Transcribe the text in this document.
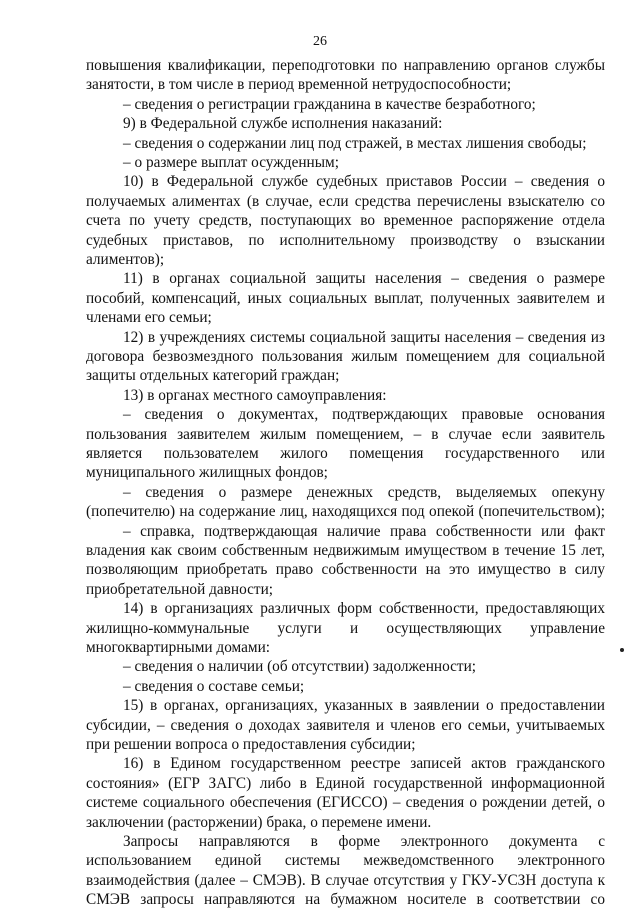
26
повышения квалификации, переподготовки по направлению органов службы
занятости, в том числе в период временной нетрудоспособности;
– сведения о регистрации гражданина в качестве безработного;
9) в Федеральной службе исполнения наказаний:
– сведения о содержании лиц под стражей, в местах лишения свободы;
– о размере выплат осужденным;
10) в Федеральной службе судебных приставов России – сведения о
получаемых алиментах (в случае, если средства перечислены взыскателю со
счета по учету средств, поступающих во временное распоряжение отдела
судебных приставов, по исполнительному производству о взыскании
алиментов);
11) в органах социальной защиты населения – сведения о размере
пособий, компенсаций, иных социальных выплат, полученных заявителем и
членами его семьи;
12) в учреждениях системы социальной защиты населения – сведения из
договора безвозмездного пользования жилым помещением для социальной
защиты отдельных категорий граждан;
13) в органах местного самоуправления:
– сведения о документах, подтверждающих правовые основания
пользования заявителем жилым помещением, – в случае если заявитель
является пользователем жилого помещения государственного или
муниципального жилищных фондов;
– сведения о размере денежных средств, выделяемых опекуну
(попечителю) на содержание лиц, находящихся под опекой (попечительством);
– справка, подтверждающая наличие права собственности или факт
владения как своим собственным недвижимым имуществом в течение 15 лет,
позволяющим приобретать право собственности на это имущество в силу
приобретательной давности;
14) в организациях различных форм собственности, предоставляющих
жилищно-коммунальные услуги и осуществляющих управление
многоквартирными домами:
– сведения о наличии (об отсутствии) задолженности;
– сведения о составе семьи;
15) в органах, организациях, указанных в заявлении о предоставлении
субсидии, – сведения о доходах заявителя и членов его семьи, учитываемых
при решении вопроса о предоставления субсидии;
16) в Едином государственном реестре записей актов гражданского
состояния» (ЕГР ЗАГС) либо в Единой государственной информационной
системе социального обеспечения (ЕГИССО) – сведения о рождении детей, о
заключении (расторжении) брака, о перемене имени.
Запросы направляются в форме электронного документа с
использованием единой системы межведомственного электронного
взаимодействия (далее – СМЭВ). В случае отсутствия у ГКУ-УСЗН доступа к
СМЭВ запросы направляются на бумажном носителе в соответствии со
